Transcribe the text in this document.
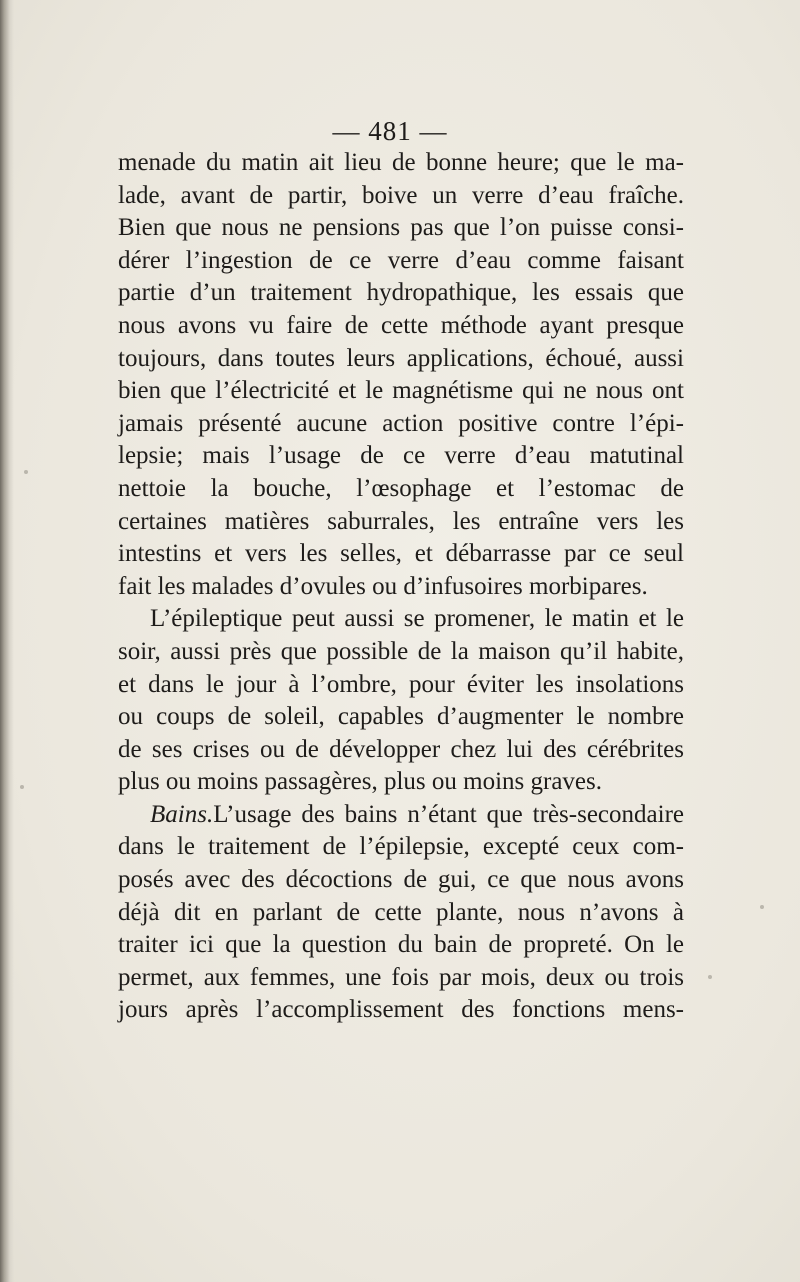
— 481 —
menade du matin ait lieu de bonne heure; que le ma-
lade, avant de partir, boive un verre d’eau fraîche.
Bien que nous ne pensions pas que l’on puisse consi-
dérer l’ingestion de ce verre d’eau comme faisant
partie d’un traitement hydropathique, les essais que
nous avons vu faire de cette méthode ayant presque
toujours, dans toutes leurs applications, échoué, aussi
bien que l’électricité et le magnétisme qui ne nous ont
jamais présenté aucune action positive contre l’épi-
lepsie; mais l’usage de ce verre d’eau matutinal
nettoie la bouche, l’œsophage et l’estomac de
certaines matières saburrales, les entraîne vers les
intestins et vers les selles, et débarrasse par ce seul
fait les malades d’ovules ou d’infusoires morbipares.
L’épileptique peut aussi se promener, le matin et le
soir, aussi près que possible de la maison qu’il habite,
et dans le jour à l’ombre, pour éviter les insolations
ou coups de soleil, capables d’augmenter le nombre
de ses crises ou de développer chez lui des cérébrites
plus ou moins passagères, plus ou moins graves.
Bains.L’usage des bains n’étant que très-secondaire
dans le traitement de l’épilepsie, excepté ceux com-
posés avec des décoctions de gui, ce que nous avons
déjà dit en parlant de cette plante, nous n’avons à
traiter ici que la question du bain de propreté. On le
permet, aux femmes, une fois par mois, deux ou trois
jours après l’accomplissement des fonctions mens-
